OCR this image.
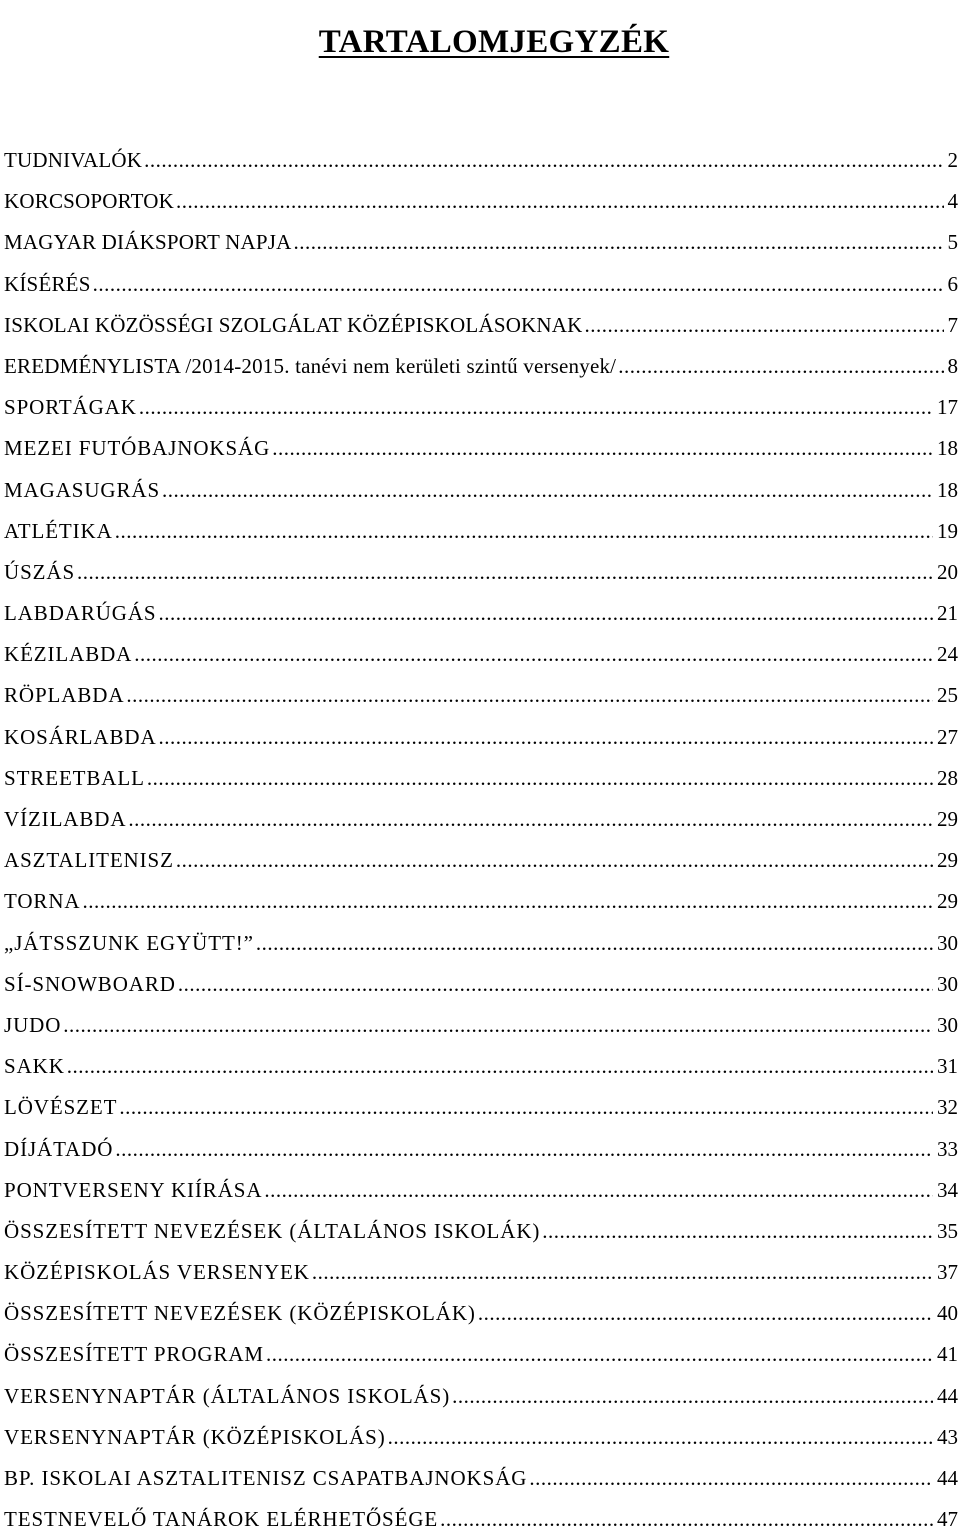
TARTALOMJEGYZÉK
TUDNIVALÓK .....	2
KORCSOPORTOK .....	4
MAGYAR DIÁKSPORT NAPJA .....	5
KÍSÉRÉS .....	6
ISKOLAI KÖZÖSSÉGI SZOLGÁLAT KÖZÉPISKOLÁSOKNAK .....	7
EREDMÉNYLISTA /2014-2015. tanévi nem kerületi szintű versenyek/ .....	8
SPORTÁGAK .....	17
MEZEI FUTÓBAJNOKSÁG .....	18
MAGASUGRÁS .....	18
ATLÉTIKA .....	19
ÚSZÁS .....	20
LABDARÚGÁS .....	21
KÉZILABDA .....	24
RÖPLABDA .....	25
KOSÁRLABDA .....	27
STREETBALL .....	28
VÍZILABDA .....	29
ASZTALITENISZ .....	29
TORNA .....	29
„JÁTSSZUNK EGYÜTT!” .....	30
SÍ-SNOWBOARD .....	30
JUDO .....	30
SAKK .....	31
LÖVÉSZET .....	32
DÍJÁTADÓ .....	33
PONTVERSENY KIÍRÁSA .....	34
ÖSSZESÍTETT NEVEZÉSEK (ÁLTALÁNOS ISKOLÁK) .....	35
KÖZÉPISKOLÁS VERSENYEK .....	37
ÖSSZESÍTETT NEVEZÉSEK (KÖZÉPISKOLÁK) .....	40
ÖSSZESÍTETT PROGRAM .....	41
VERSENYNAPTÁR (ÁLTALÁNOS ISKOLÁS) .....	44
VERSENYNAPTÁR (KÖZÉPISKOLÁS) .....	43
BP. ISKOLAI ASZTALITENISZ CSAPATBAJNOKSÁG .....	44
TESTNEVELŐ TANÁROK ELÉRHETŐSÉGE .....	47
